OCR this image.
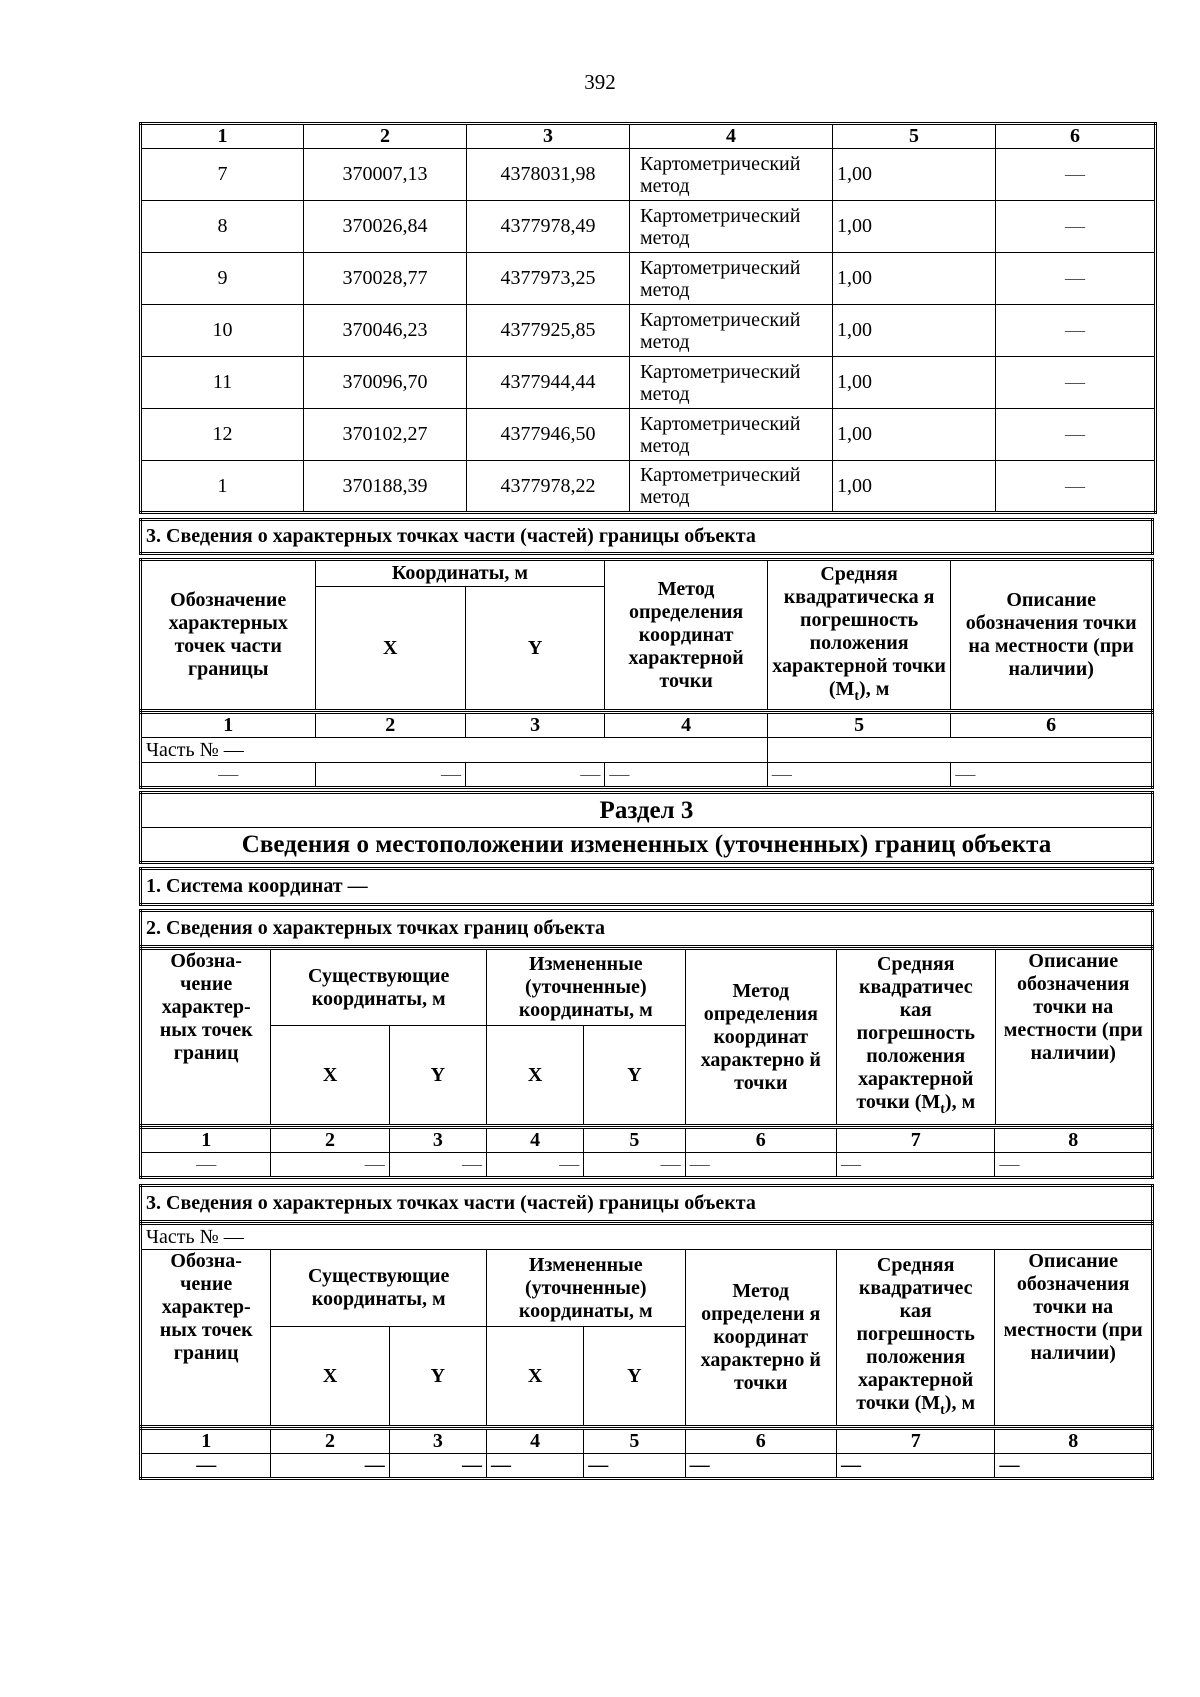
392
1	2	3	4	5	6
7	370007,13	4378031,98	Картометрический метод	1,00	—
8	370026,84	4377978,49	Картометрический метод	1,00	—
9	370028,77	4377973,25	Картометрический метод	1,00	—
10	370046,23	4377925,85	Картометрический метод	1,00	—
11	370096,70	4377944,44	Картометрический метод	1,00	—
12	370102,27	4377946,50	Картометрический метод	1,00	—
1	370188,39	4377978,22	Картометрический метод	1,00	—
3. Сведения о характерных точках части (частей) границы объекта
Обозначение характерных точек части границы	Координаты, м		Метод определения координат характерной точки	Средняя квадратическа я погрешность положения характерной точки $(M_t)$, м	Описание обозначения точки на местности (при наличии)
	X	Y			
1	2	3	4	5	6
Часть № —					
—	—	—	—	—	—
Раздел 3
Сведения о местоположении измененных (уточненных) границ объекта
1. Система координат —
2. Сведения о характерных точках границ объекта
Обозна-чение характер-ных точек границ	Существующие координаты, м		Измененные (уточненные) координаты, м		Метод определения координат характерно й точки	Средняя квадратичес кая погрешность положения характерной точки $(M_t)$, м	Описание обозначения точки на местности (при наличии)
	X	Y	X	Y			
1	2	3	4	5	6	7	8
—	—	—	—	—	—	—	—
3. Сведения о характерных точках части (частей) границы объекта
Часть № —							
Обозна-чение характер-ных точек границ	Существующие координаты, м		Измененные (уточненные) координаты, м		Метод определени я координат характерно й точки	Средняя квадратичес кая погрешность положения характерной точки $(M_t)$, м	Описание обозначения точки на местности (при наличии)
	X	Y	X	Y			
1	2	3	4	5	6	7	8
—	—	—	—	—	—	—	—
